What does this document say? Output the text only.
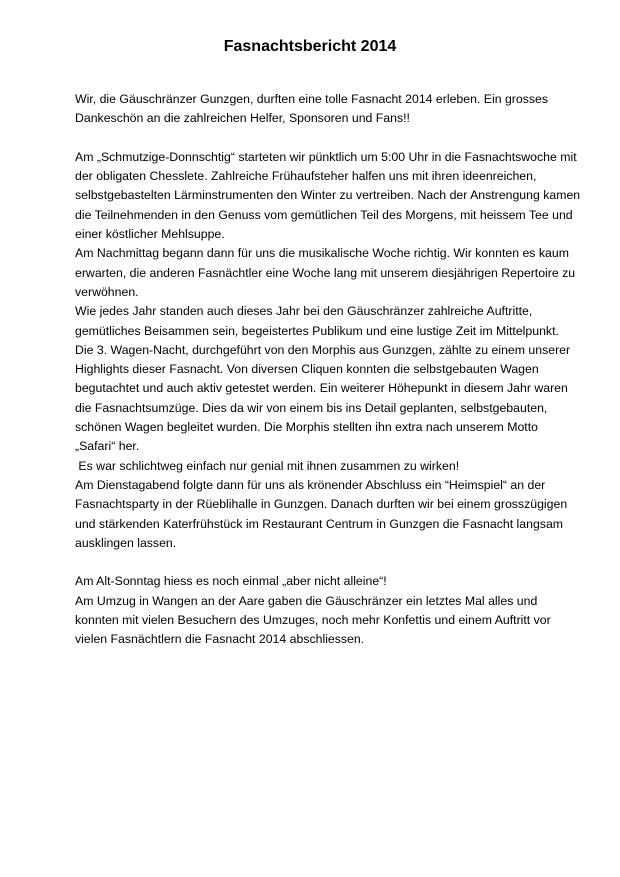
Fasnachtsbericht 2014
Wir, die Gäuschränzer Gunzgen, durften eine tolle Fasnacht 2014 erleben. Ein grosses
Dankeschön an die zahlreichen Helfer, Sponsoren und Fans!!
Am „Schmutzige-Donnschtig“ starteten wir pünktlich um 5:00 Uhr in die Fasnachtswoche mit
der obligaten Chesslete. Zahlreiche Frühaufsteher halfen uns mit ihren ideenreichen,
selbstgebastelten Lärminstrumenten den Winter zu vertreiben. Nach der Anstrengung kamen
die Teilnehmenden in den Genuss vom gemütlichen Teil des Morgens, mit heissem Tee und
einer köstlicher Mehlsuppe.
Am Nachmittag begann dann für uns die musikalische Woche richtig. Wir konnten es kaum
erwarten, die anderen Fasnächtler eine Woche lang mit unserem diesjährigen Repertoire zu
verwöhnen.
Wie jedes Jahr standen auch dieses Jahr bei den Gäuschränzer zahlreiche Auftritte,
gemütliches Beisammen sein, begeistertes Publikum und eine lustige Zeit im Mittelpunkt.
Die 3. Wagen-Nacht, durchgeführt von den Morphis aus Gunzgen, zählte zu einem unserer
Highlights dieser Fasnacht. Von diversen Cliquen konnten die selbstgebauten Wagen
begutachtet und auch aktiv getestet werden. Ein weiterer Höhepunkt in diesem Jahr waren
die Fasnachtsumzüge. Dies da wir von einem bis ins Detail geplanten, selbstgebauten,
schönen Wagen begleitet wurden. Die Morphis stellten ihn extra nach unserem Motto
„Safari“ her.
Es war schlichtweg einfach nur genial mit ihnen zusammen zu wirken!
Am Dienstagabend folgte dann für uns als krönender Abschluss ein “Heimspiel“ an der
Fasnachtsparty in der Rüeblihalle in Gunzgen. Danach durften wir bei einem grosszügigen
und stärkenden Katerfrühstück im Restaurant Centrum in Gunzgen die Fasnacht langsam
ausklingen lassen.
Am Alt-Sonntag hiess es noch einmal „aber nicht alleine“!
Am Umzug in Wangen an der Aare gaben die Gäuschränzer ein letztes Mal alles und
konnten mit vielen Besuchern des Umzuges, noch mehr Konfettis und einem Auftritt vor
vielen Fasnächtlern die Fasnacht 2014 abschliessen.
